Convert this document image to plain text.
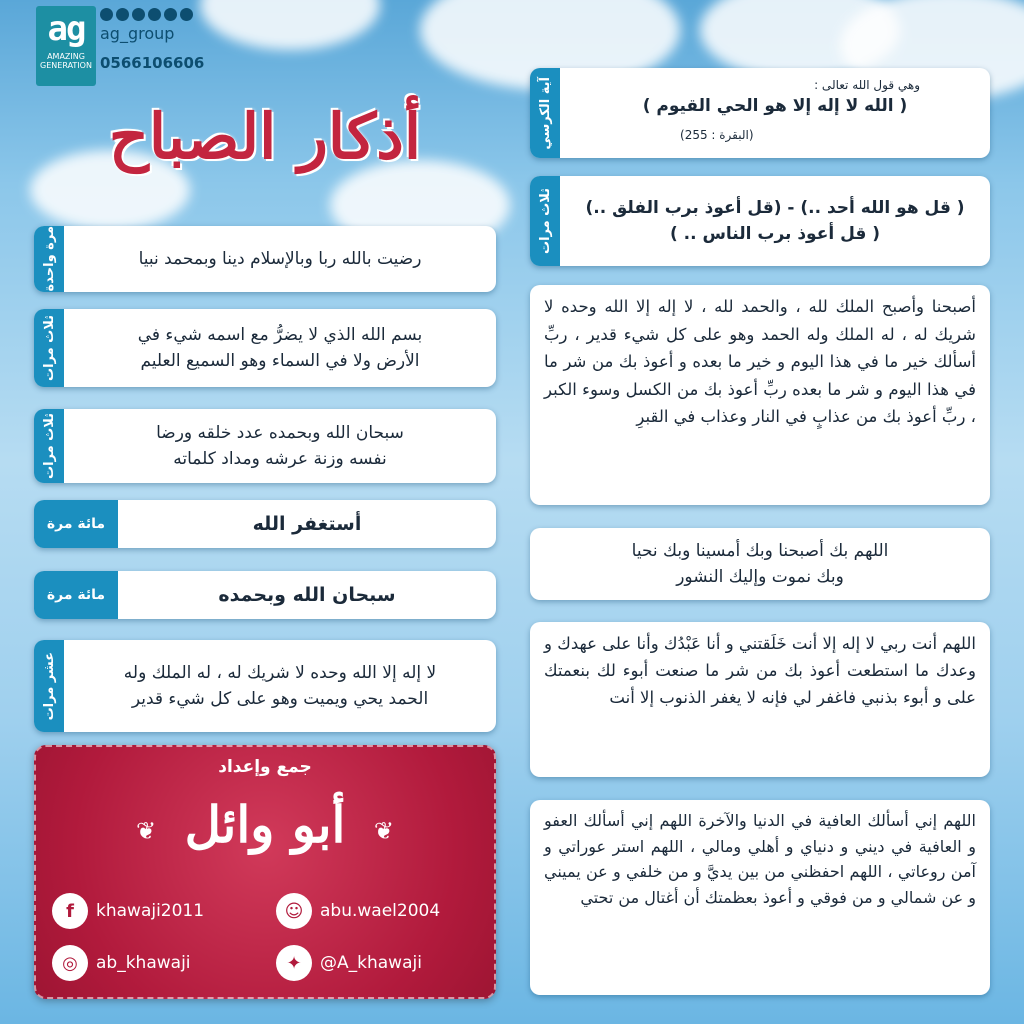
ag
AMAZING GENERATION
ag_group
0566106606
أذكار الصباح	آية الكرسي	وهي قول الله تعالى :
( الله لا إله إلا هو الحي القيوم )
(البقرة : 255)
ثلاث مرات ( قل هو الله أحد ..) - (قل أعوذ برب الفلق ..)
( قل أعوذ برب الناس .. )
أصبحنا وأصبح الملك لله ، والحمد لله ، لا إله إلا الله وحده لا شريك له ، له الملك وله الحمد وهو على كل شيء قدير ، ربِّ أسألك خير ما في هذا اليوم و خير ما بعده و أعوذ بك من شر ما في هذا اليوم و شر ما بعده ربِّ أعوذ بك من الكسل وسوء الكبر ، ربِّ أعوذ بك من عذابٍ في النار وعذاب في القبرِ
اللهم بك أصبحنا وبك أمسينا وبك نحيا
وبك نموت وإليك النشور
اللهم أنت ربي لا إله إلا أنت خَلَقتني و أنا عَبْدُك وأنا على عهدك و وعدك ما استطعت أعوذ بك من شر ما صنعت أبوء لك بنعمتك على و أبوء بذنبي فاغفر لي فإنه لا يغفر الذنوب إلا أنت
اللهم إني أسألك العافية في الدنيا والآخرة اللهم إني أسألك العفو و العافية في ديني و دنياي و أهلي ومالي ، اللهم استر عوراتي و آمن روعاتي ، اللهم احفظني من بين يديَّ و من خلفي و عن يميني و عن شمالي و من فوقي و أعوذ بعظمتك أن أغتال من تحتي
مرة واحدة	رضيت بالله ربا وبالإسلام دينا وبمحمد نبيا
ثلاث مرات	بسم الله الذي لا يضرُّ مع اسمه شيء في
الأرض ولا في السماء وهو السميع العليم
ثلاث مرات	سبحان الله وبحمده عدد خلقه ورضا
نفسه وزنة عرشه ومداد كلماته
مائة مرة	أستغفر الله
مائة مرة	سبحان الله وبحمده
عشر مرات	لا إله إلا الله وحده لا شريك له ، له الملك وله
الحمد يحي ويميت وهو على كل شيء قدير
جمع وإعداد
❦ أبو وائل	❦
f	khawaji2011	☺ abu.wael2004
◎	ab_khawaji	✦	@A_khawaji
